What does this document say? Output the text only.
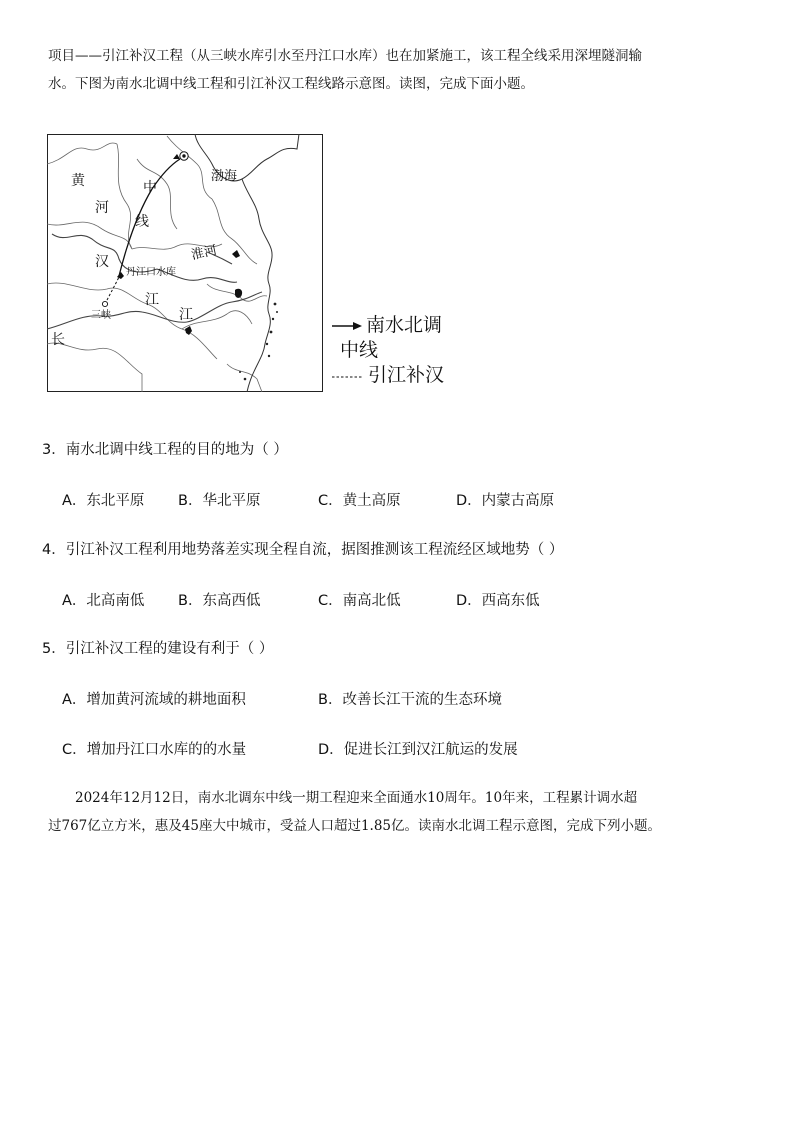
项目——引江补汉工程（从三峡水库引水至丹江口水库）也在加紧施工，该工程全线采用深埋隧洞输
水。下图为南水北调中线工程和引江补汉工程线路示意图。读图，完成下面小题。

黄
河
中
线
汉
江
江
长
渤海
淮河
丹江口水库
三峡	南水北调
中线
引江补汉

3．南水北调中线工程的目的地为（ ）

A．东北平原	B．华北平原	C．黄土高原	D．内蒙古高原

4．引江补汉工程利用地势落差实现全程自流，据图推测该工程流经区域地势（ ）

A．北高南低	B．东高西低	C．南高北低	D．西高东低

5．引江补汉工程的建设有利于（ ）

A．增加黄河流域的耕地面积	B．改善长江干流的生态环境
C．增加丹江口水库的的水量	D．促进长江到汉江航运的发展

2024年12月12日，南水北调东中线一期工程迎来全面通水10周年。10年来，工程累计调水超
过767亿立方米，惠及45座大中城市，受益人口超过1.85亿。读南水北调工程示意图，完成下列小题。
